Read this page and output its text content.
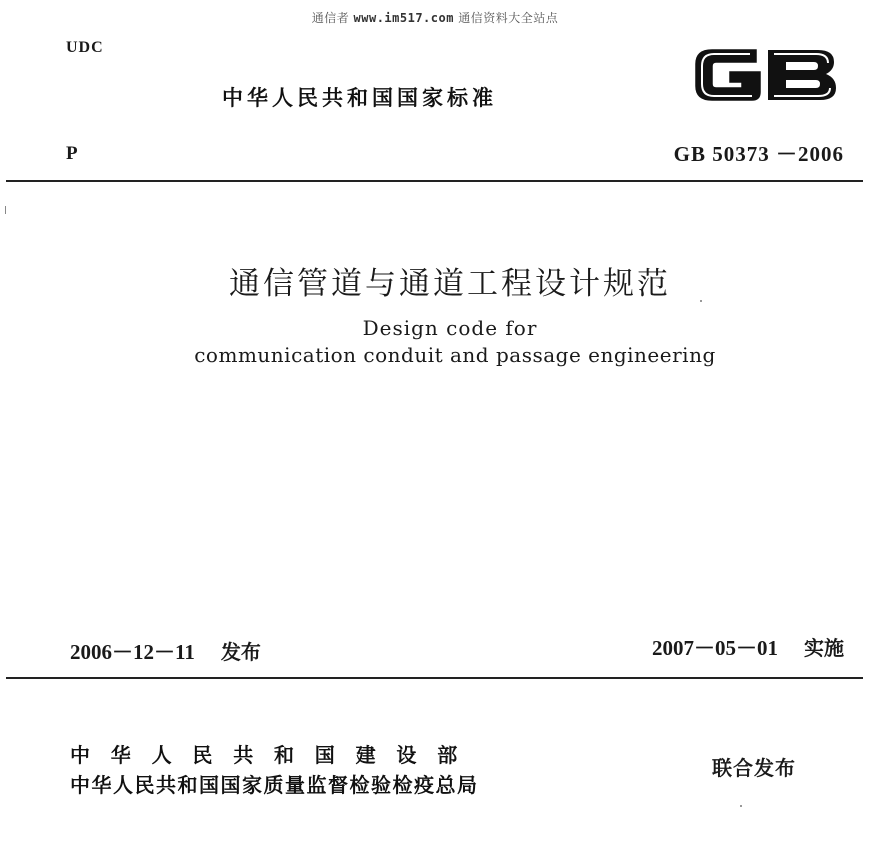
通信者 www.im517.com 通信资料大全站点
UDC
中华人民共和国国家标准
P	GB 50373 －2006
通信管道与通道工程设计规范
Design code for
communication conduit and passage engineering
2006－12－11 发布	2007－05－01 实施
中华人民共和国建设部
中华人民共和国国家质量监督检验检疫总局
联合发布
